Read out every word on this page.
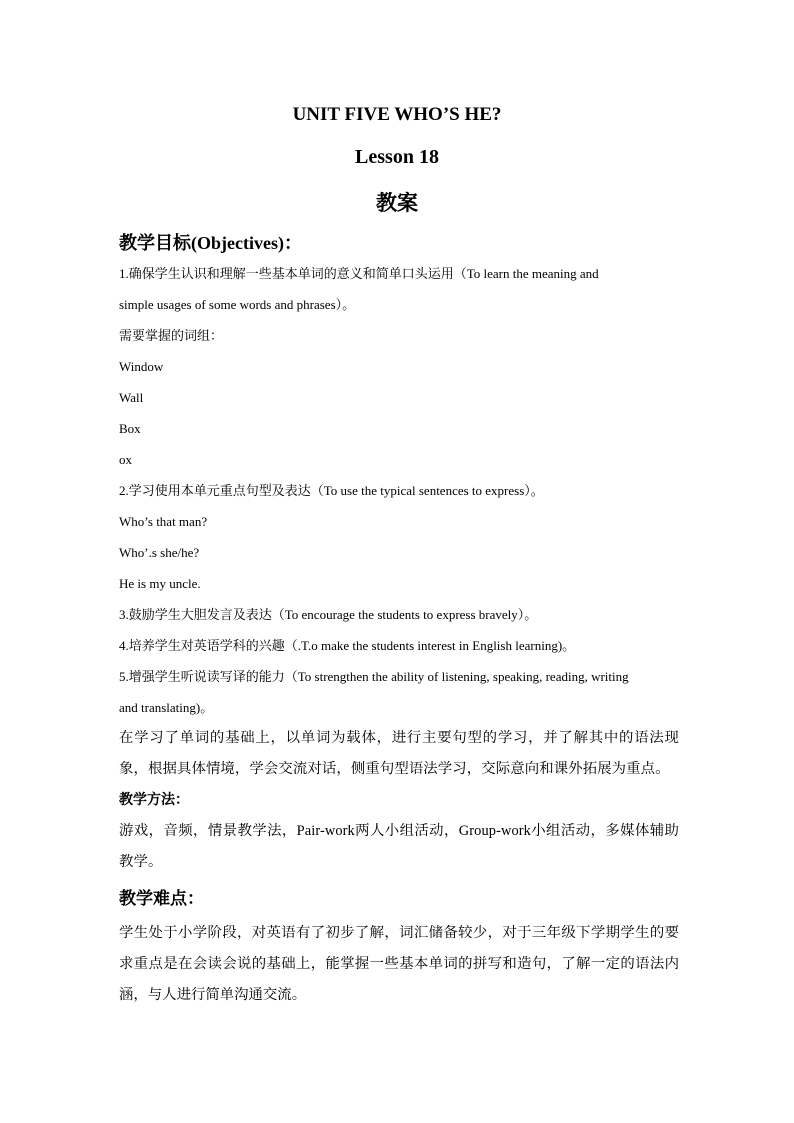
UNIT FIVE WHO’S HE?
Lesson 18
教案
教学目标(Objectives)：
1.确保学生认识和理解一些基本单词的意义和简单口头运用（To learn the meaning and
simple usages of some words and phrases）。
需要掌握的词组：
Window
Wall
Box
ox
2.学习使用本单元重点句型及表达（To use the typical sentences to express）。
Who’s that man?
Who’.s she/he?
He is my uncle.
3.鼓励学生大胆发言及表达（To encourage the students to express bravely）。
4.培养学生对英语学科的兴趣（.T.o make the students interest in English learning)。
5.增强学生听说读写译的能力（To strengthen the ability of listening, speaking, reading, writing
and translating)。
在学习了单词的基础上，以单词为载体，进行主要句型的学习，并了解其中的语法现象，根据具体情境，学会交流对话，侧重句型语法学习，交际意向和课外拓展为重点。
教学方法：
游戏，音频，情景教学法，Pair-work两人小组活动，Group-work小组活动，多媒体辅助教学。
教学难点：
学生处于小学阶段，对英语有了初步了解，词汇储备较少，对于三年级下学期学生的要求重点是在会读会说的基础上，能掌握一些基本单词的拼写和造句，了解一定的语法内涵，与人进行简单沟通交流。
